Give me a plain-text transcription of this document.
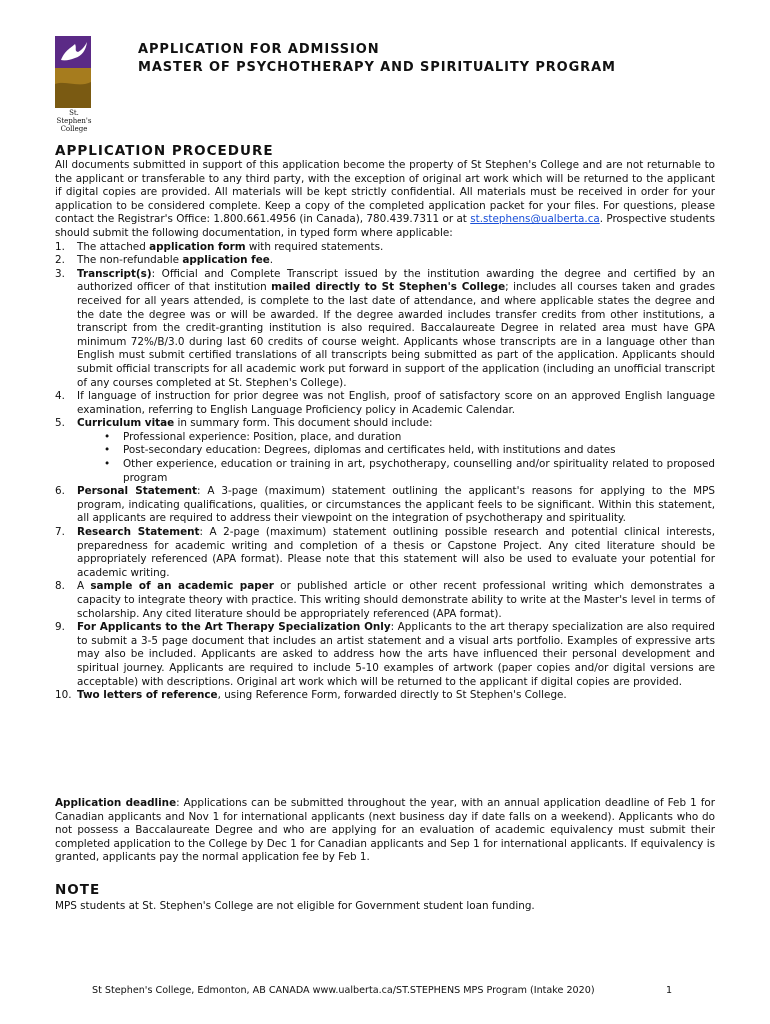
St. Stephen's
College
APPLICATION FOR ADMISSION
MASTER OF PSYCHOTHERAPY AND SPIRITUALITY PROGRAM
APPLICATION PROCEDURE

All documents submitted in support of this application become the property of St Stephen's College and are not returnable to the applicant or transferable to any third party, with the exception of original art work which will be returned to the applicant if digital copies are provided. All materials will be kept strictly confidential. All materials must be received in order for your application to be considered complete. Keep a copy of the completed application packet for your files. For questions, please contact the Registrar's Office: 1.800.661.4956 (in Canada), 780.439.7311 or at st.stephens@ualberta.ca. Prospective students should submit the following documentation, in typed form where applicable:

1. The attached application form with required statements.
2. The non-refundable application fee.
3. Transcript(s): Official and Complete Transcript issued by the institution awarding the degree and certified by an authorized officer of that institution mailed directly to St Stephen's College; includes all courses taken and grades received for all years attended, is complete to the last date of attendance, and where applicable states the degree and the date the degree was or will be awarded. If the degree awarded includes transfer credits from other institutions, a transcript from the credit-granting institution is also required. Baccalaureate Degree in related area must have GPA minimum 72%/B/3.0 during last 60 credits of course weight. Applicants whose transcripts are in a language other than English must submit certified translations of all transcripts being submitted as part of the application. Applicants should submit official transcripts for all academic work put forward in support of the application (including an unofficial transcript of any courses completed at St. Stephen's College).
4. If language of instruction for prior degree was not English, proof of satisfactory score on an approved English language examination, referring to English Language Proficiency policy in Academic Calendar.
5. Curriculum vitae in summary form. This document should include:
• Professional experience: Position, place, and duration
• Post-secondary education: Degrees, diplomas and certificates held, with institutions and dates
• Other experience, education or training in art, psychotherapy, counselling and/or spirituality related to proposed program
6. Personal Statement: A 3-page (maximum) statement outlining the applicant's reasons for applying to the MPS program, indicating qualifications, qualities, or circumstances the applicant feels to be significant. Within this statement, all applicants are required to address their viewpoint on the integration of psychotherapy and spirituality.
7. Research Statement: A 2-page (maximum) statement outlining possible research and potential clinical interests, preparedness for academic writing and completion of a thesis or Capstone Project. Any cited literature should be appropriately referenced (APA format). Please note that this statement will also be used to evaluate your potential for academic writing.
8. A sample of an academic paper or published article or other recent professional writing which demonstrates a capacity to integrate theory with practice. This writing should demonstrate ability to write at the Master's level in terms of scholarship. Any cited literature should be appropriately referenced (APA format).
9. For Applicants to the Art Therapy Specialization Only: Applicants to the art therapy specialization are also required to submit a 3-5 page document that includes an artist statement and a visual arts portfolio. Examples of expressive arts may also be included. Applicants are asked to address how the arts have influenced their personal development and spiritual journey. Applicants are required to include 5-10 examples of artwork (paper copies and/or digital versions are acceptable) with descriptions. Original art work which will be returned to the applicant if digital copies are provided.
10. Two letters of reference, using Reference Form, forwarded directly to St Stephen's College.

Application deadline: Applications can be submitted throughout the year, with an annual application deadline of Feb 1 for Canadian applicants and Nov 1 for international applicants (next business day if date falls on a weekend). Applicants who do not possess a Baccalaureate Degree and who are applying for an evaluation of academic equivalency must submit their completed application to the College by Dec 1 for Canadian applicants and Sep 1 for international applicants. If equivalency is granted, applicants pay the normal application fee by Feb 1.

NOTE
MPS students at St. Stephen's College are not eligible for Government student loan funding.
St Stephen's College, Edmonton, AB CANADA www.ualberta.ca/ST.STEPHENS MPS Program (Intake 2020)	1
